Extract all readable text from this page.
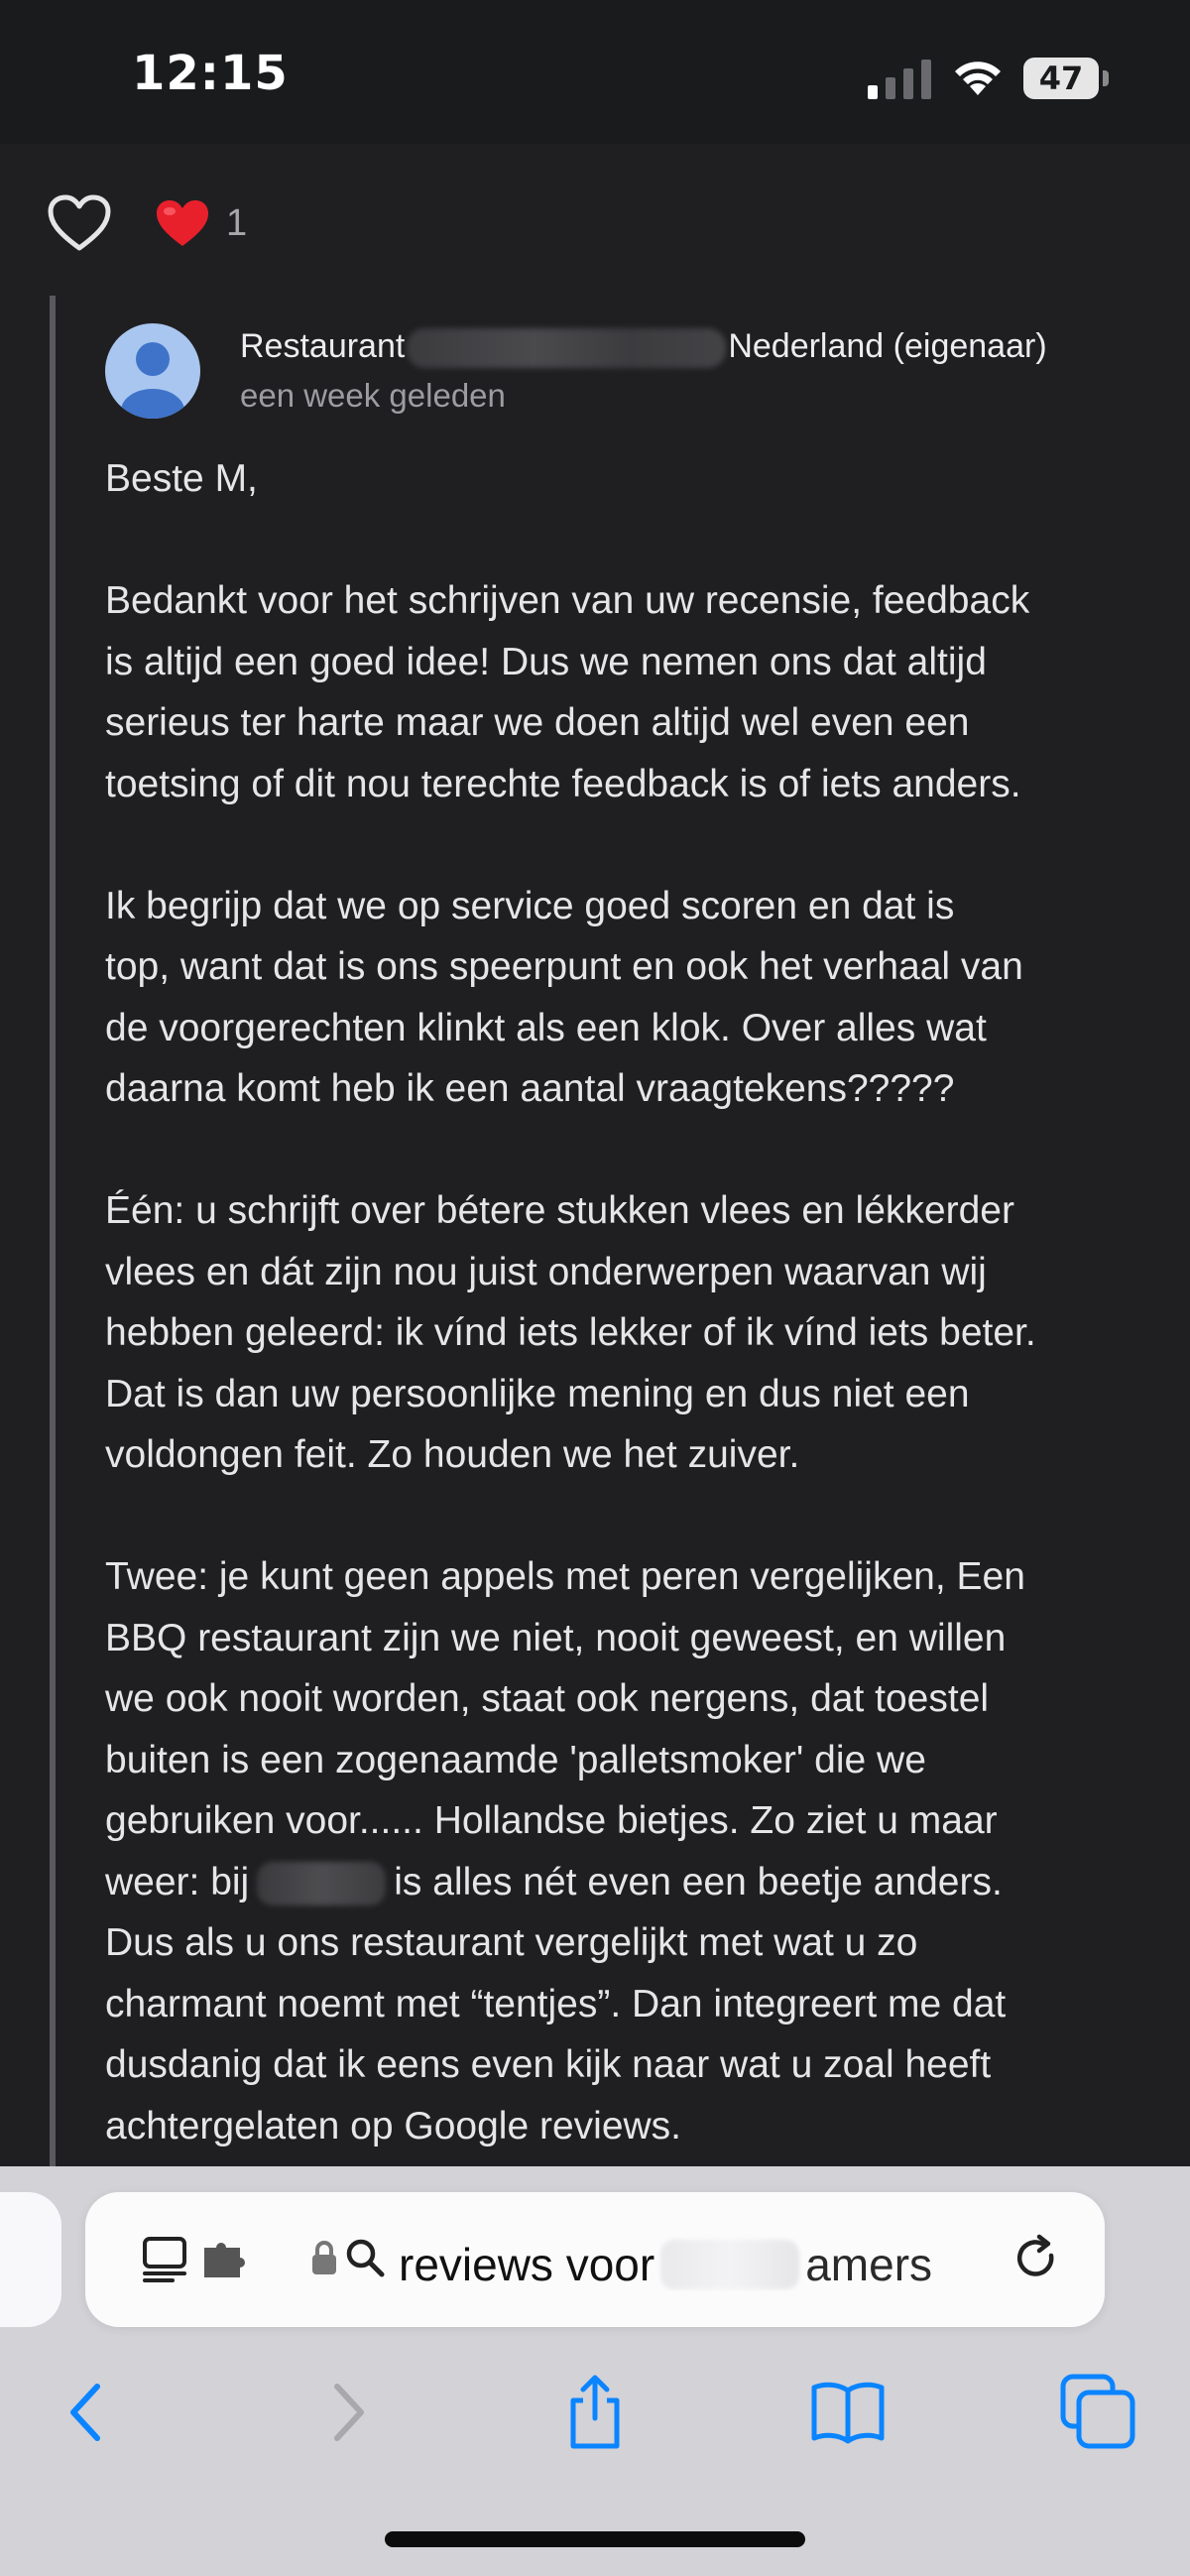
12:15	47
1
Restaurant	Nederland (eigenaar)
een week geleden

Beste M,

Bedankt voor het schrijven van uw recensie, feedback
is altijd een goed idee! Dus we nemen ons dat altijd
serieus ter harte maar we doen altijd wel even een
toetsing of dit nou terechte feedback is of iets anders.

Ik begrijp dat we op service goed scoren en dat is
top, want dat is ons speerpunt en ook het verhaal van
de voorgerechten klinkt als een klok. Over alles wat
daarna komt heb ik een aantal vraagtekens?????

Één: u schrijft over bétere stukken vlees en lékkerder
vlees en dát zijn nou juist onderwerpen waarvan wij
hebben geleerd: ik vínd iets lekker of ik vínd iets beter.
Dat is dan uw persoonlijke mening en dus niet een
voldongen feit. Zo houden we het zuiver.

Twee: je kunt geen appels met peren vergelijken, Een
BBQ restaurant zijn we niet, nooit geweest, en willen
we ook nooit worden, staat ook nergens, dat toestel
buiten is een zogenaamde 'palletsmoker' die we
gebruiken voor...... Hollandse bietjes. Zo ziet u maar
weer: bij	is alles nét even een beetje anders.
Dus als u ons restaurant vergelijkt met wat u zo
charmant noemt met “tentjes”. Dan integreert me dat
dusdanig dat ik eens even kijk naar wat u zoal heeft
achtergelaten op Google reviews.

reviews voor	amers
